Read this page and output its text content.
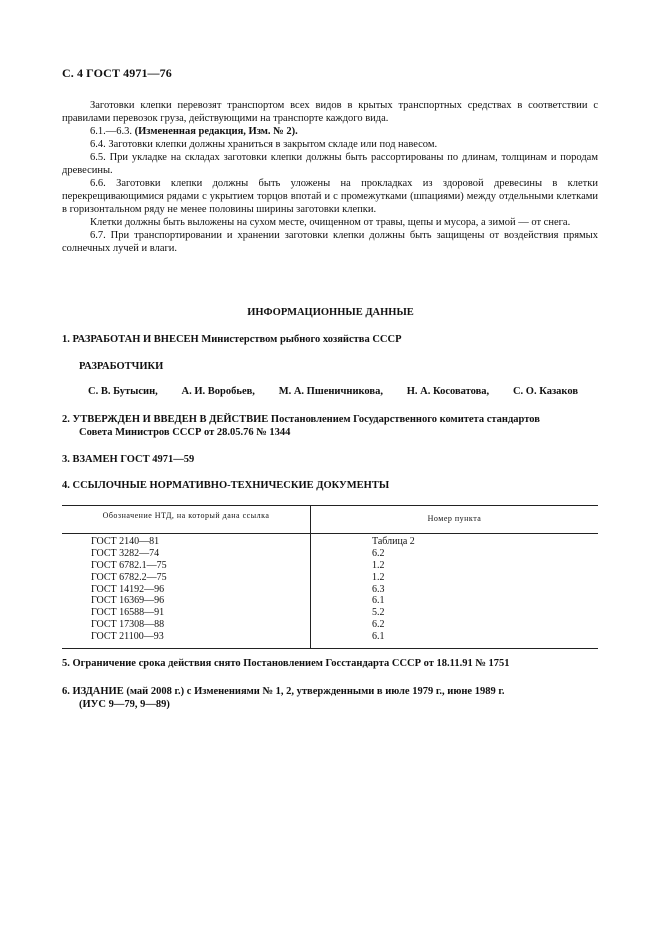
С. 4 ГОСТ 4971—76

Заготовки клепки перевозят транспортом всех видов в крытых транспортных средствах в соответствии с правилами перевозок груза, действующими на транспорте каждого вида.

6.1.—6.3. (Измененная редакция, Изм. № 2).

6.4. Заготовки клепки должны храниться в закрытом складе или под навесом.

6.5. При укладке на складах заготовки клепки должны быть рассортированы по длинам, толщинам и породам древесины.

6.6. Заготовки клепки должны быть уложены на прокладках из здоровой древесины в клетки перекрещивающимися рядами с укрытием торцов впотай и с промежутками (шпациями) между отдельными клетками в горизонтальном ряду не менее половины ширины заготовки клепки.

Клетки должны быть выложены на сухом месте, очищенном от травы, щепы и мусора, а зимой — от снега.

6.7. При транспортировании и хранении заготовки клепки должны быть защищены от воздействия прямых солнечных лучей и влаги.

ИНФОРМАЦИОННЫЕ ДАННЫЕ
1. РАЗРАБОТАН И ВНЕСЕН Министерством рыбного хозяйства СССР
РАЗРАБОТЧИКИ
С. В. Бутысин, А. И. Воробьев, М. А. Пшеничникова, Н. А. Косоватова, С. О. Казаков
2. УТВЕРЖДЕН И ВВЕДЕН В ДЕЙСТВИЕ Постановлением Государственного комитета стандартов
Совета Министров СССР от 28.05.76 № 1344
3. ВЗАМЕН ГОСТ 4971—59
4. ССЫЛОЧНЫЕ НОРМАТИВНО-ТЕХНИЧЕСКИЕ ДОКУМЕНТЫ
Обозначение НТД, на который дана ссылка	Номер пункта
ГОСТ 2140—81	Таблица 2
ГОСТ 3282—74	6.2
ГОСТ 6782.1—75	1.2
ГОСТ 6782.2—75	1.2
ГОСТ 14192—96	6.3
ГОСТ 16369—96	6.1
ГОСТ 16588—91	5.2
ГОСТ 17308—88	6.2
ГОСТ 21100—93	6.1
5. Ограничение срока действия снято Постановлением Госстандарта СССР от 18.11.91 № 1751
6. ИЗДАНИЕ (май 2008 г.) с Изменениями № 1, 2, утвержденными в июле 1979 г., июне 1989 г.
(ИУС 9—79, 9—89)
